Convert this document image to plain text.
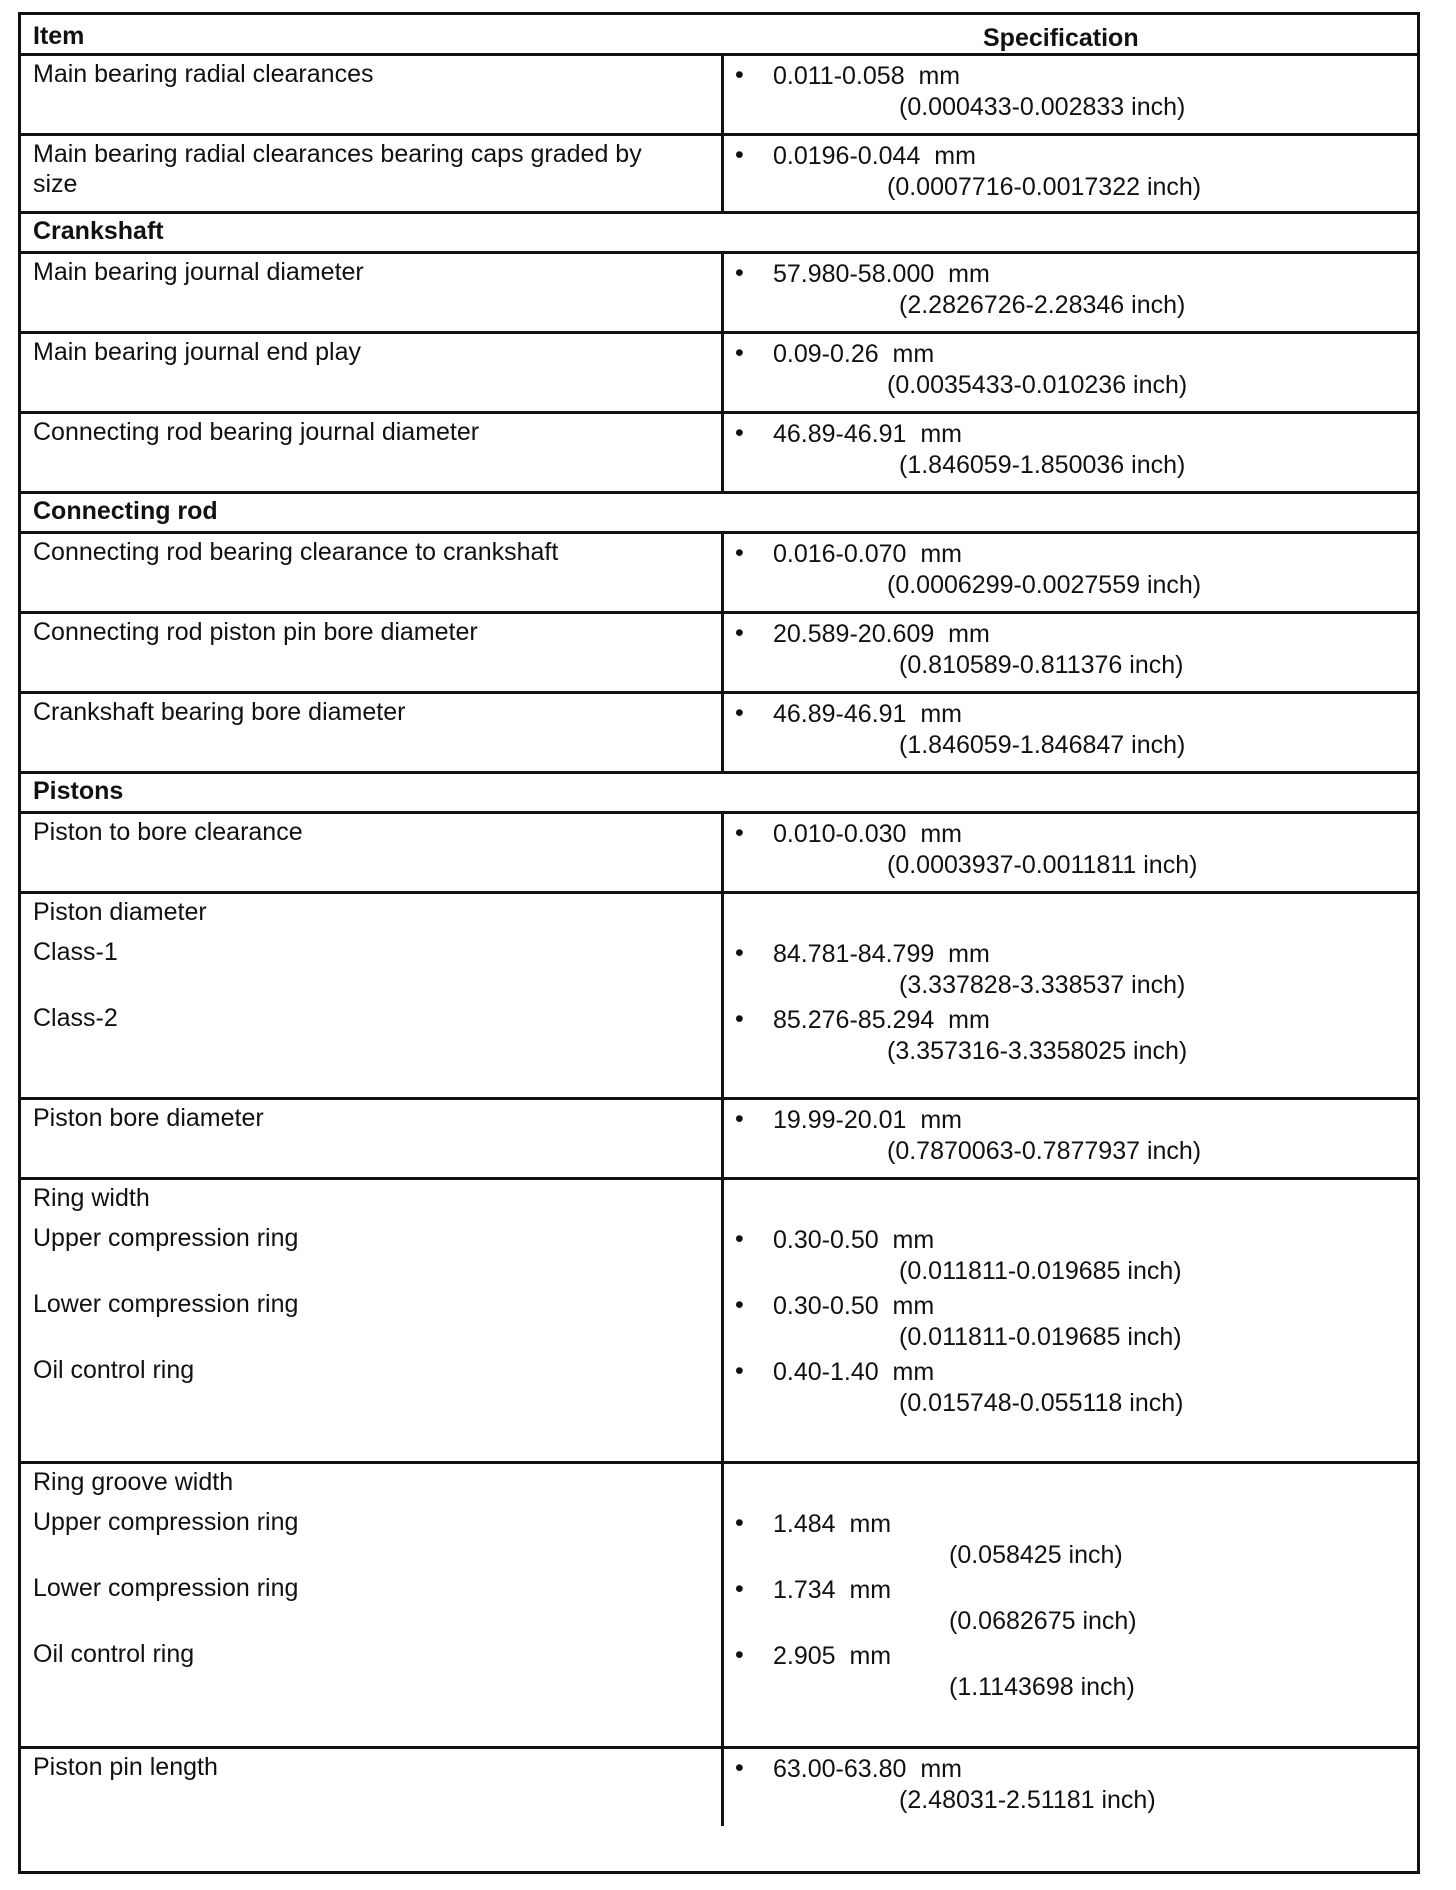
Item	Specification
Main bearing radial clearances	• 0.011-0.058  mm
(0.000433-0.002833 inch)
Main bearing radial clearances bearing caps graded by size
• 0.0196-0.044  mm
(0.0007716-0.0017322 inch)
Crankshaft
Main bearing journal diameter	• 57.980-58.000  mm
(2.2826726-2.28346 inch)
Main bearing journal end play	• 0.09-0.26  mm
(0.0035433-0.010236 inch)
Connecting rod bearing journal diameter	• 46.89-46.91  mm
(1.846059-1.850036 inch)
Connecting rod
Connecting rod bearing clearance to crankshaft	• 0.016-0.070  mm
(0.0006299-0.0027559 inch)
Connecting rod piston pin bore diameter	• 20.589-20.609  mm
(0.810589-0.811376 inch)
Crankshaft bearing bore diameter	• 46.89-46.91  mm
(1.846059-1.846847 inch)
Pistons
Piston to bore clearance	• 0.010-0.030  mm
(0.0003937-0.0011811 inch)
Piston diameter
Class-1	• 84.781-84.799  mm
(3.337828-3.338537 inch)
Class-2	• 85.276-85.294  mm
(3.357316-3.3358025 inch)
Piston bore diameter	• 19.99-20.01  mm
(0.7870063-0.7877937 inch)
Ring width
Upper compression ring	• 0.30-0.50  mm
(0.011811-0.019685 inch)
Lower compression ring	• 0.30-0.50  mm
(0.011811-0.019685 inch)
Oil control ring	• 0.40-1.40  mm
(0.015748-0.055118 inch)
Ring groove width
Upper compression ring	• 1.484  mm
(0.058425 inch)
Lower compression ring	• 1.734  mm
(0.0682675 inch)
Oil control ring	• 2.905  mm
(1.1143698 inch)
Piston pin length	• 63.00-63.80  mm
(2.48031-2.51181 inch)
